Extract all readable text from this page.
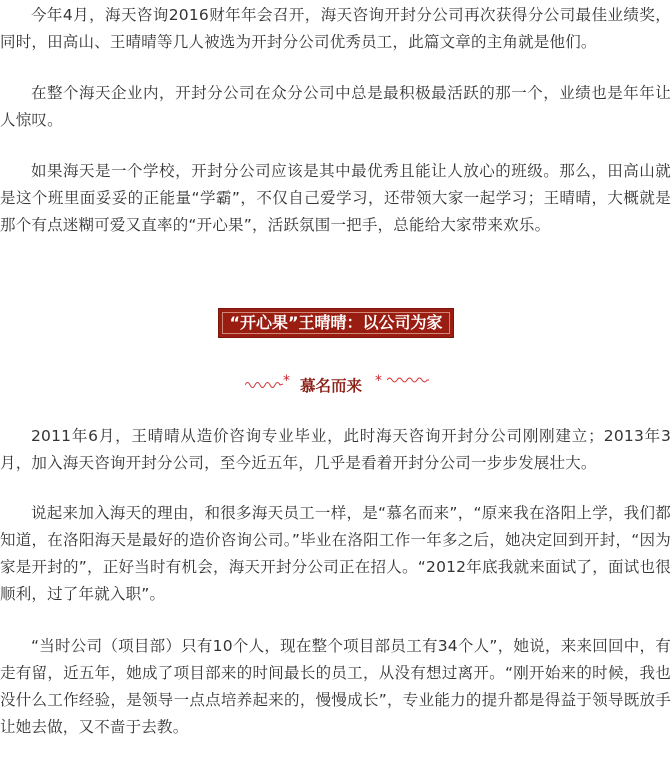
今年4月，海天咨询2016财年年会召开，海天咨询开封分公司再次获得分公司最佳业绩奖，同时，田高山、王晴晴等几人被选为开封分公司优秀员工，此篇文章的主角就是他们。

在整个海天企业内，开封分公司在众分公司中总是最积极最活跃的那一个，业绩也是年年让人惊叹。

如果海天是一个学校，开封分公司应该是其中最优秀且能让人放心的班级。那么，田高山就是这个班里面妥妥的正能量“学霸”，不仅自己爱学习，还带领大家一起学习；王晴晴，大概就是那个有点迷糊可爱又直率的“开心果”，活跃氛围一把手，总能给大家带来欢乐。

“开心果”王晴晴：以公司为家
* 慕名而来 *

2011年6月，王晴晴从造价咨询专业毕业，此时海天咨询开封分公司刚刚建立；2013年3月，加入海天咨询开封分公司，至今近五年，几乎是看着开封分公司一步步发展壮大。

说起来加入海天的理由，和很多海天员工一样，是“慕名而来”，“原来我在洛阳上学，我们都知道，在洛阳海天是最好的造价咨询公司。”毕业在洛阳工作一年多之后，她决定回到开封，“因为家是开封的”，正好当时有机会，海天开封分公司正在招人。“2012年底我就来面试了，面试也很顺利，过了年就入职”。

“当时公司（项目部）只有10个人，现在整个项目部员工有34个人”，她说，来来回回中，有走有留，近五年，她成了项目部来的时间最长的员工，从没有想过离开。“刚开始来的时候，我也没什么工作经验，是领导一点点培养起来的，慢慢成长”，专业能力的提升都是得益于领导既放手让她去做，又不啬于去教。
